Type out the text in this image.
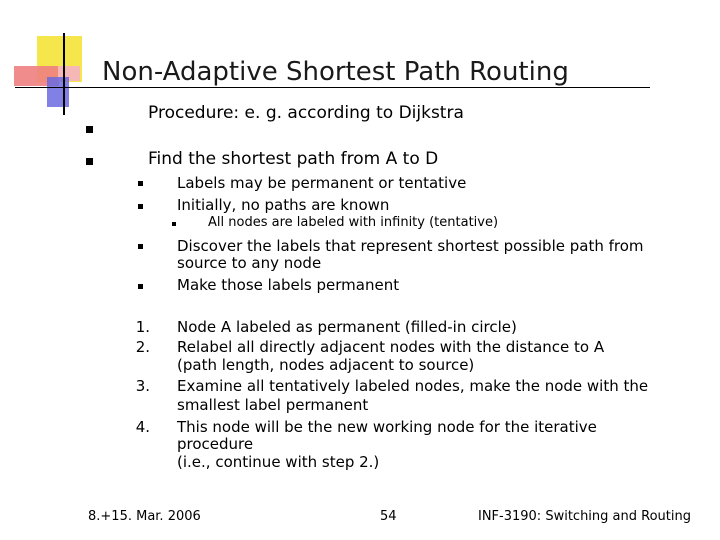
Non-Adaptive Shortest Path Routing
Procedure: e. g. according to Dijkstra
Find the shortest path from A to D
Labels may be permanent or tentative
Initially, no paths are known
All nodes are labeled with infinity (tentative)
Discover the labels that represent shortest possible path from
source to any node
Make those labels permanent
1. Node A labeled as permanent (filled-in circle)
2. Relabel all directly adjacent nodes with the distance to A
(path length, nodes adjacent to source)
3. Examine all tentatively labeled nodes, make the node with the
smallest label permanent
4. This node will be the new working node for the iterative
procedure
(i.e., continue with step 2.)
8.+15. Mar. 2006	54	INF-3190: Switching and Routing
